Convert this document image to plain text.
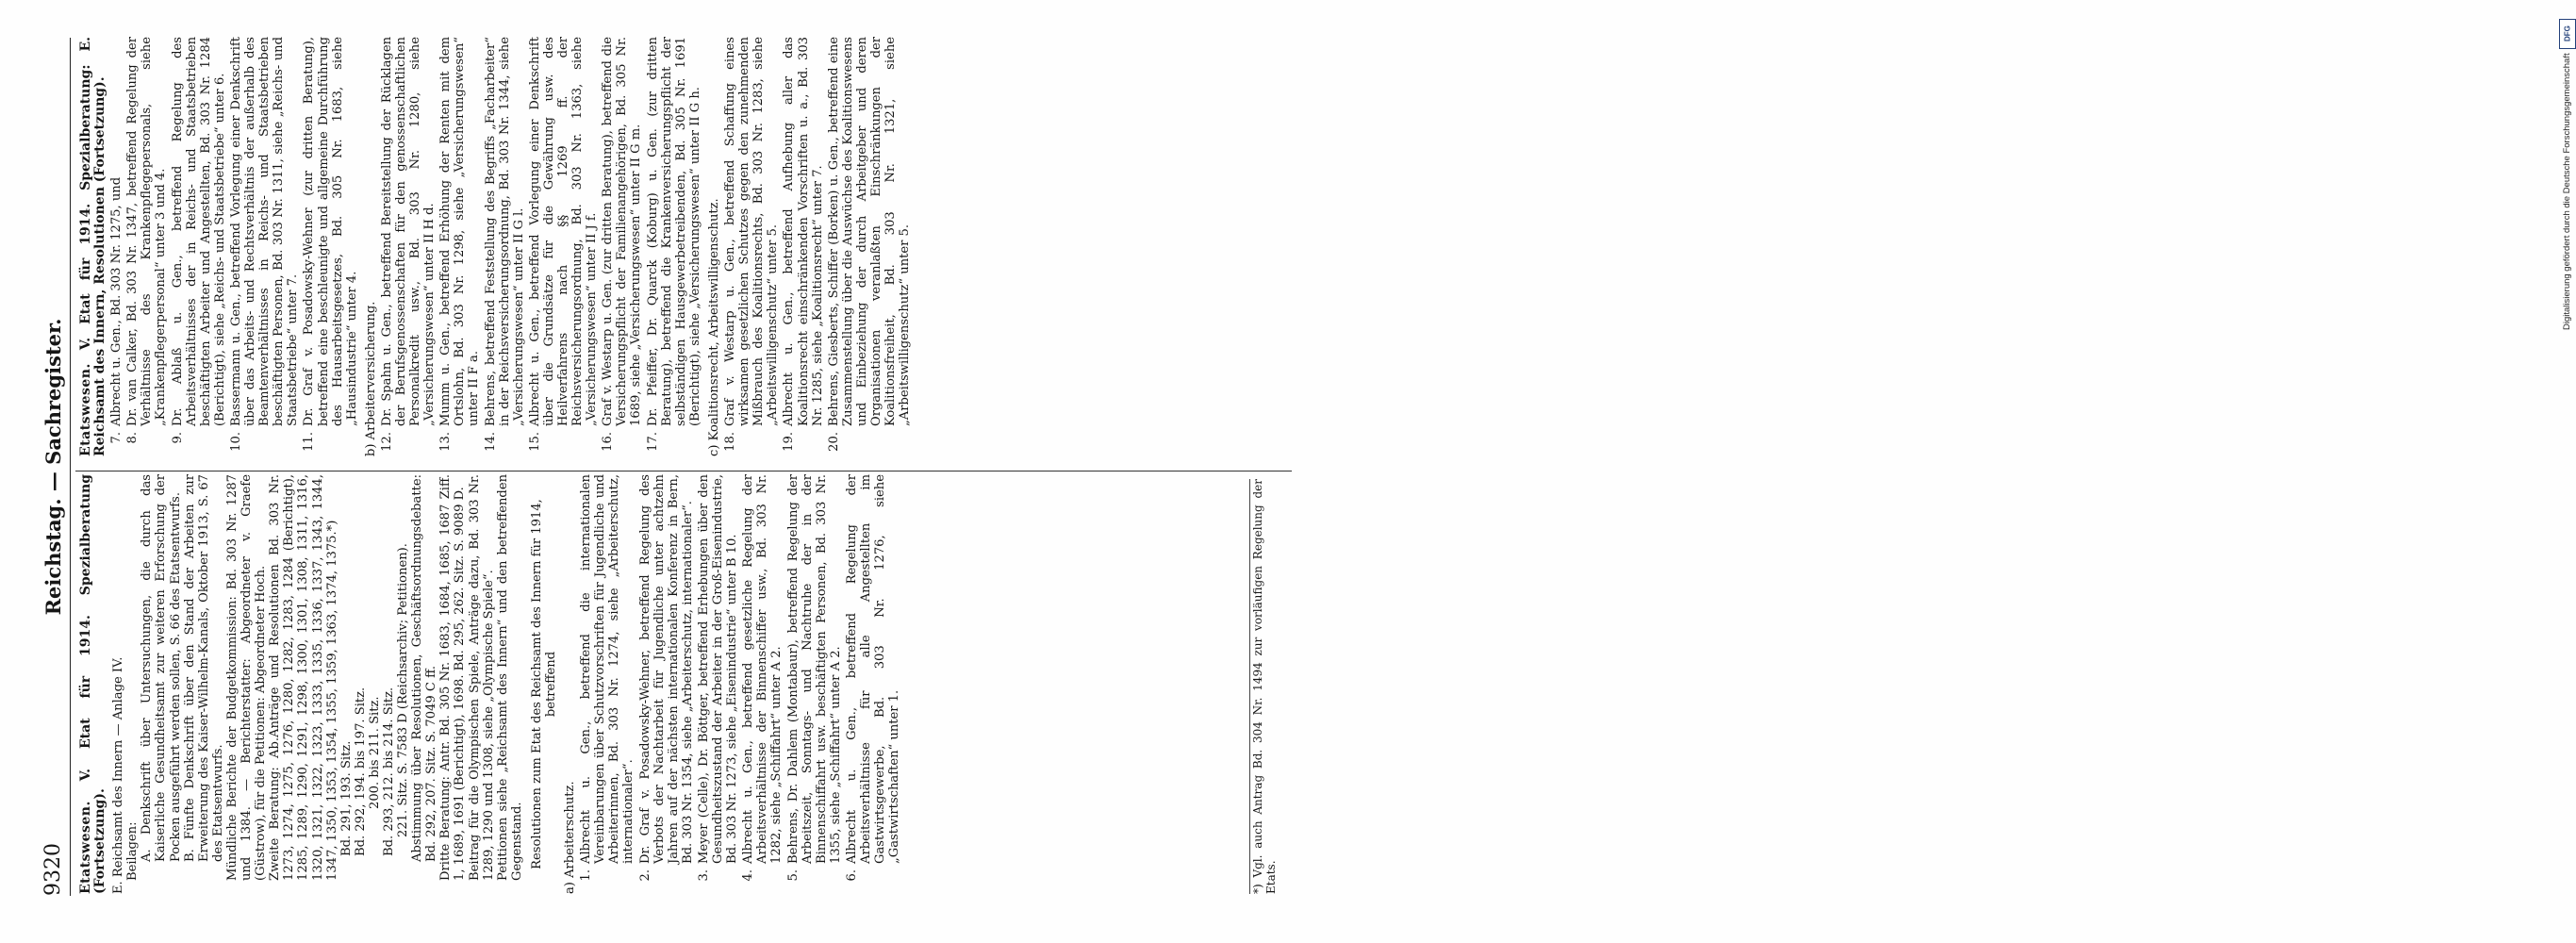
9320
Reichstag. — Sachregister.

Etatswesen. V. Etat für 1914. Spezialberatung (Fortsetzung). E. Reichsamt des Innern — Anlage IV. Beilagen: A. Denkschrift über Untersuchungen, die durch das Kaiserliche Gesundheitsamt zur weiteren Erforschung der Pocken ausgeführt werden sollen, S. 66 des Etatsentwurfs. B. Fünfte Denkschrift über den Stand der Arbeiten zur Erweiterung des Kaiser-Wilhelm-Kanals, Oktober 1913, S. 67 des Etatsentwurfs. Mündliche Berichte der Budgetkommission: Bd. 303 Nr. 1287 und 1384. — Berichterstatter: Abgeordneter v. Graefe (Güstrow), für die Petitionen: Abgeordneter Hoch. Zweite Beratung: Ab.Anträge und Resolutionen Bd. 303 Nr. 1273, 1274, 1275, 1276, 1280, 1282, 1283, 1284 (Berichtigt), 1285, 1289, 1290, 1291, 1298, 1300, 1301, 1308, 1311, 1316, 1320, 1321, 1322, 1323, 1333, 1335, 1336, 1337, 1343, 1344, 1347, 1350, 1353, 1354, 1355, 1359, 1363, 1374, 1375.*) Bd. 291, 193. Sitz. Bd. 292, 194. bis 197. Sitz. 200. bis 211. Sitz. Bd. 293, 212. bis 214. Sitz. 221. Sitz. S. 7583 D (Reichsarchiv; Petitionen). Abstimmung über Resolutionen, Geschäftsordnungsdebatte: Bd. 292, 207. Sitz. S. 7049 C ff. Dritte Beratung: Antr. Bd. 305 Nr. 1683, 1684, 1685, 1687 Ziff. 1, 1689, 1691 (Berichtigt), 1698. Bd. 295, 262. Sitz. S. 9089 D. Beitrag für die Olympischen Spiele, Anträge dazu, Bd. 303 Nr. 1289, 1290 und 1308, siehe „Olympische Spiele“. Petitionen siehe „Reichsamt des Innern“ und den betreffenden Gegenstand. Resolutionen zum Etat des Reichsamt des Innern für 1914, betreffend

a) Arbeiterschutz. 1.
Albrecht u. Gen., betreffend die internationalen Vereinbarungen über Schutzvorschriften für Jugendliche und Arbeiterinnen, Bd. 303 Nr. 1274, siehe „Arbeiterschutz, internationaler“.
2.
Dr. Graf v. Posadowsky-Wehner, betreffend Regelung des Verbots der Nachtarbeit für Jugendliche unter achtzehn Jahren auf der nächsten internationalen Konferenz in Bern, Bd. 303 Nr. 1354, siehe „Arbeiterschutz, internationaler“.
3.
Meyer (Celle), Dr. Böttger, betreffend Erhebungen über den Gesundheitszustand der Arbeiter in der Groß-Eisenindustrie, Bd. 303 Nr. 1273, siehe „Eisenindustrie“ unter B 10.
4.
Albrecht u. Gen., betreffend gesetzliche Regelung der Arbeitsverhältnisse der Binnenschiffer usw., Bd. 303 Nr. 1282, siehe „Schiffahrt“ unter A 2.
5.
Behrens, Dr. Dahlem (Montabaur), betreffend Regelung der Arbeitszeit, Sonntags- und Nachtruhe der in der Binnenschiffahrt usw. beschäftigten Personen, Bd. 303 Nr. 1355, siehe „Schiffahrt“ unter A 2.
6.
Albrecht u. Gen., betreffend Regelung der Arbeitsverhältnisse für alle Angestellten im Gastwirtsgewerbe, Bd. 303 Nr. 1276, siehe „Gastwirtschaften“ unter 1.

Etatswesen. V. Etat für 1914. Spezialberatung: E. Reichsamt des Innern, Resolutionen (Fortsetzung). 7.
Albrecht u. Gen., Bd. 303 Nr. 1275, und
8.
Dr. van Calker, Bd. 303 Nr. 1347, betreffend Regelung der Verhältnisse des Krankenpflegepersonals, siehe „Krankenpflegerpersonal“ unter 3 und 4.
9.
Dr. Ablaß u. Gen., betreffend Regelung des Arbeitsverhältnisses der in Reichs- und Staatsbetrieben beschäftigten Arbeiter und Angestellten, Bd. 303 Nr. 1284 (Berichtigt), siehe „Reichs- und Staatsbetriebe“ unter 6.
10.
Bassermann u. Gen., betreffend Vorlegung einer Denkschrift über das Arbeits- und Rechtsverhältnis der außerhalb des Beamtenverhältnisses in Reichs- und Staatsbetrieben beschäftigten Personen, Bd. 303 Nr. 1311, siehe „Reichs- und Staatsbetriebe“ unter 7.
11.
Dr. Graf v. Posadowsky-Wehner (zur dritten Beratung), betreffend eine beschleunigte und allgemeine Durchführung des Hausarbeitsgesetzes, Bd. 305 Nr. 1683, siehe „Hausindustrie“ unter 4. b) Arbeiterversicherung. 12.
Dr. Spahn u. Gen., betreffend Bereitstellung der Rücklagen der Berufsgenossenschaften für den genossenschaftlichen Personalkredit usw., Bd. 303 Nr. 1280, siehe „Versicherungswesen“ unter II H d.
13.
Mumm u. Gen., betreffend Erhöhung der Renten mit dem Ortslohn, Bd. 303 Nr. 1298, siehe „Versicherungswesen“ unter II F a.
14.
Behrens, betreffend Feststellung des Begriffs „Facharbeiter“ in der Reichsversicherungsordnung, Bd. 303 Nr. 1344, siehe „Versicherungswesen“ unter II G l.
15.
Albrecht u. Gen., betreffend Vorlegung einer Denkschrift über die Grundsätze für die Gewährung usw. des Heilverfahrens nach §§ 1269 ff. der Reichsversicherungsordnung, Bd. 303 Nr. 1363, siehe „Versicherungswesen“ unter II J f.
16.
Graf v. Westarp u. Gen. (zur dritten Beratung), betreffend die Versicherungspflicht der Familienangehörigen, Bd. 305 Nr. 1689, siehe „Versicherungswesen“ unter II G m.
17.
Dr. Pfeiffer, Dr. Quarck (Koburg) u. Gen. (zur dritten Beratung), betreffend die Krankenversicherungspflicht der selbständigen Hausgewerbetreibenden, Bd. 305 Nr. 1691 (Berichtigt), siehe „Versicherungswesen“ unter II G h. c) Koalitionsrecht, Arbeitswilligenschutz. 18.
Graf v. Westarp u. Gen., betreffend Schaffung eines wirksamen gesetzlichen Schutzes gegen den zunehmenden Mißbrauch des Koalitionsrechts, Bd. 303 Nr. 1283, siehe „Arbeitswilligenschutz“ unter 5.
19.
Albrecht u. Gen., betreffend Aufhebung aller das Koalitionsrecht einschränkenden Vorschriften u. a., Bd. 303 Nr. 1285, siehe „Koalitionsrecht“ unter 7.
20.
Behrens, Giesberts, Schiffer (Borken) u. Gen., betreffend eine Zusammenstellung über die Auswüchse des Koalitionswesens und Einbeziehung der durch Arbeitgeber und deren Organisationen veranlaßten Einschränkungen der Koalitionsfreiheit, Bd. 303 Nr. 1321, siehe „Arbeitswilligenschutz“ unter 5.
*) Vgl. auch Antrag Bd. 304 Nr. 1494 zur vorläufigen Regelung der Etats.
DFG
Digitalisierung gefördert durch die Deutsche Forschungsgemeinschaft
